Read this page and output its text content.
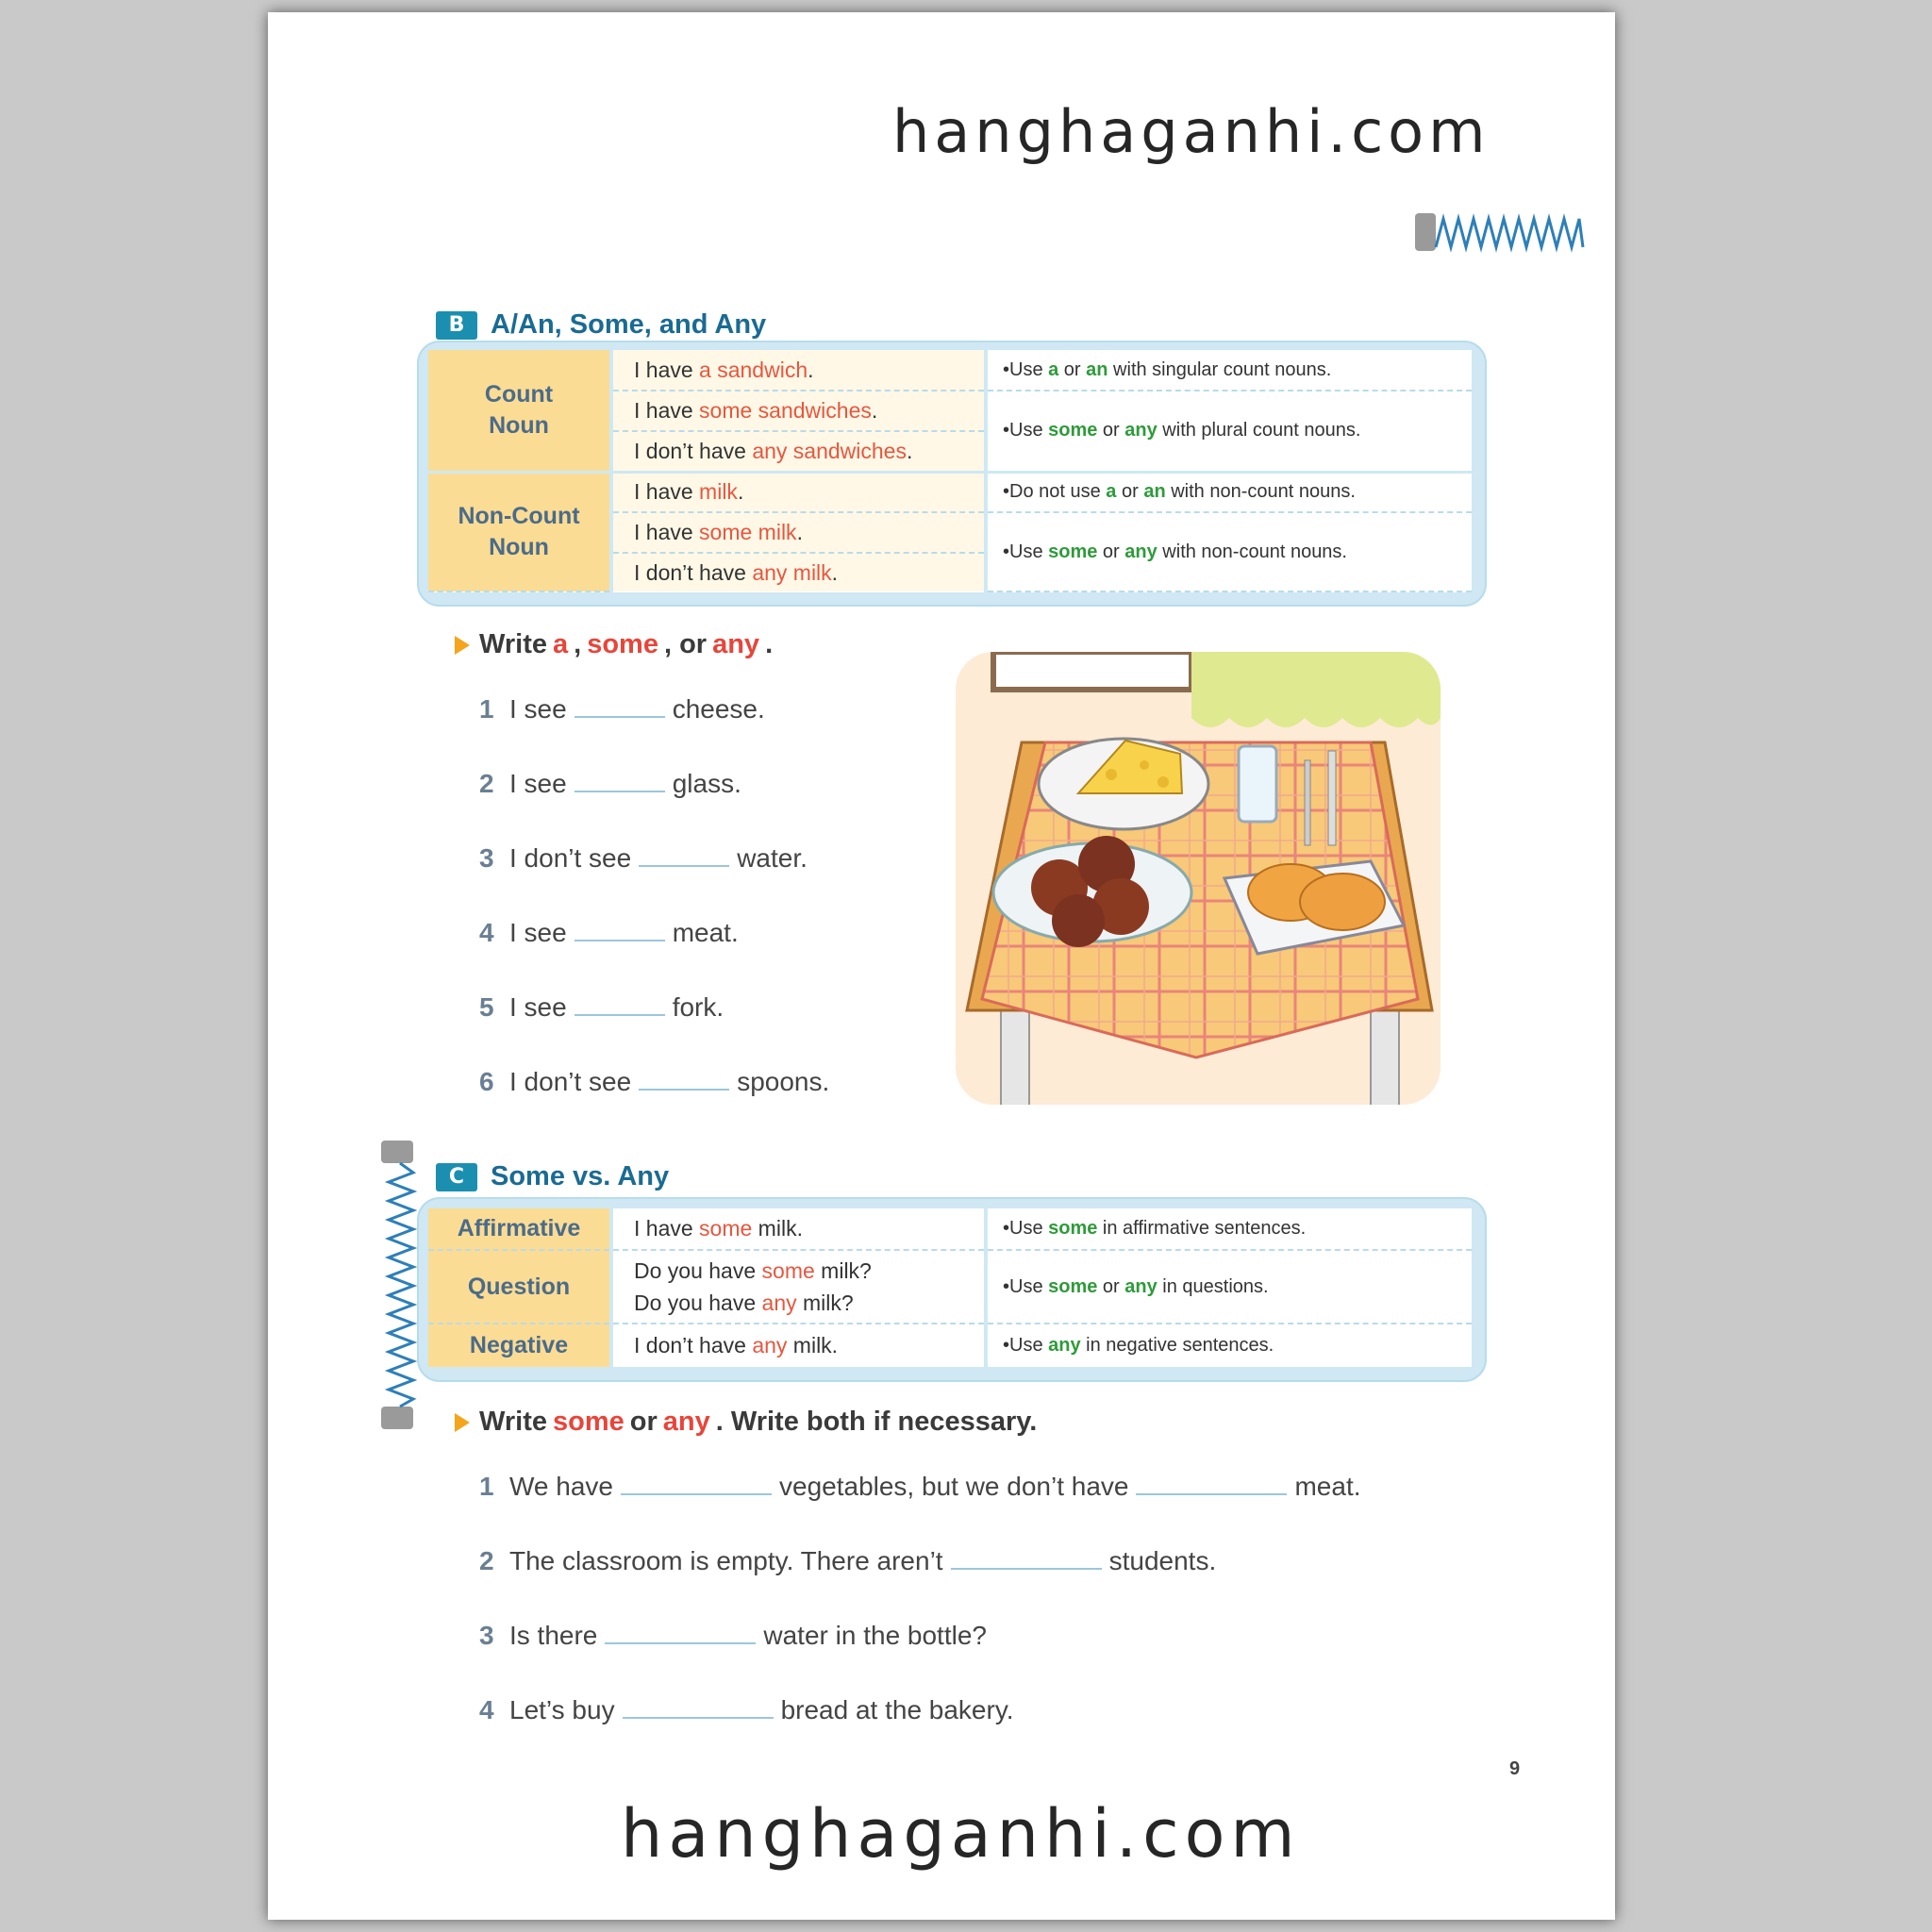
hanghaganhi.com
B A/An, Some, and Any
Count
Noun	I have a sandwich.	•Use a or an with singular count nouns.
	I have some sandwiches.	•Use some or any with plural count nouns.
	I don’t have any sandwiches.	
Non-Count
Noun	I have milk.	•Do not use a or an with non-count nouns.
	I have some milk.	•Use some or any with non-count nouns.
	I don’t have any milk.	
Write a , some , or any .
1 I see	cheese.
2 I see	glass.
3 I don’t see	water.
4 I see	meat.
5 I see	fork.
6 I don’t see	spoons.
C Some vs. Any
Affirmative	I have some milk.	•Use some in affirmative sentences.
Question	Do you have some milk?
Do you have any milk?	•Use some or any in questions.
Negative	I don’t have any milk.	•Use any in negative sentences.
Write some or any . Write both if necessary.
1 We have	vegetables, but we don’t have	meat.
2 The classroom is empty. There aren’t	students.
3 Is there	water in the bottle?
4 Let’s buy	bread at the bakery.
9
hanghaganhi.com
